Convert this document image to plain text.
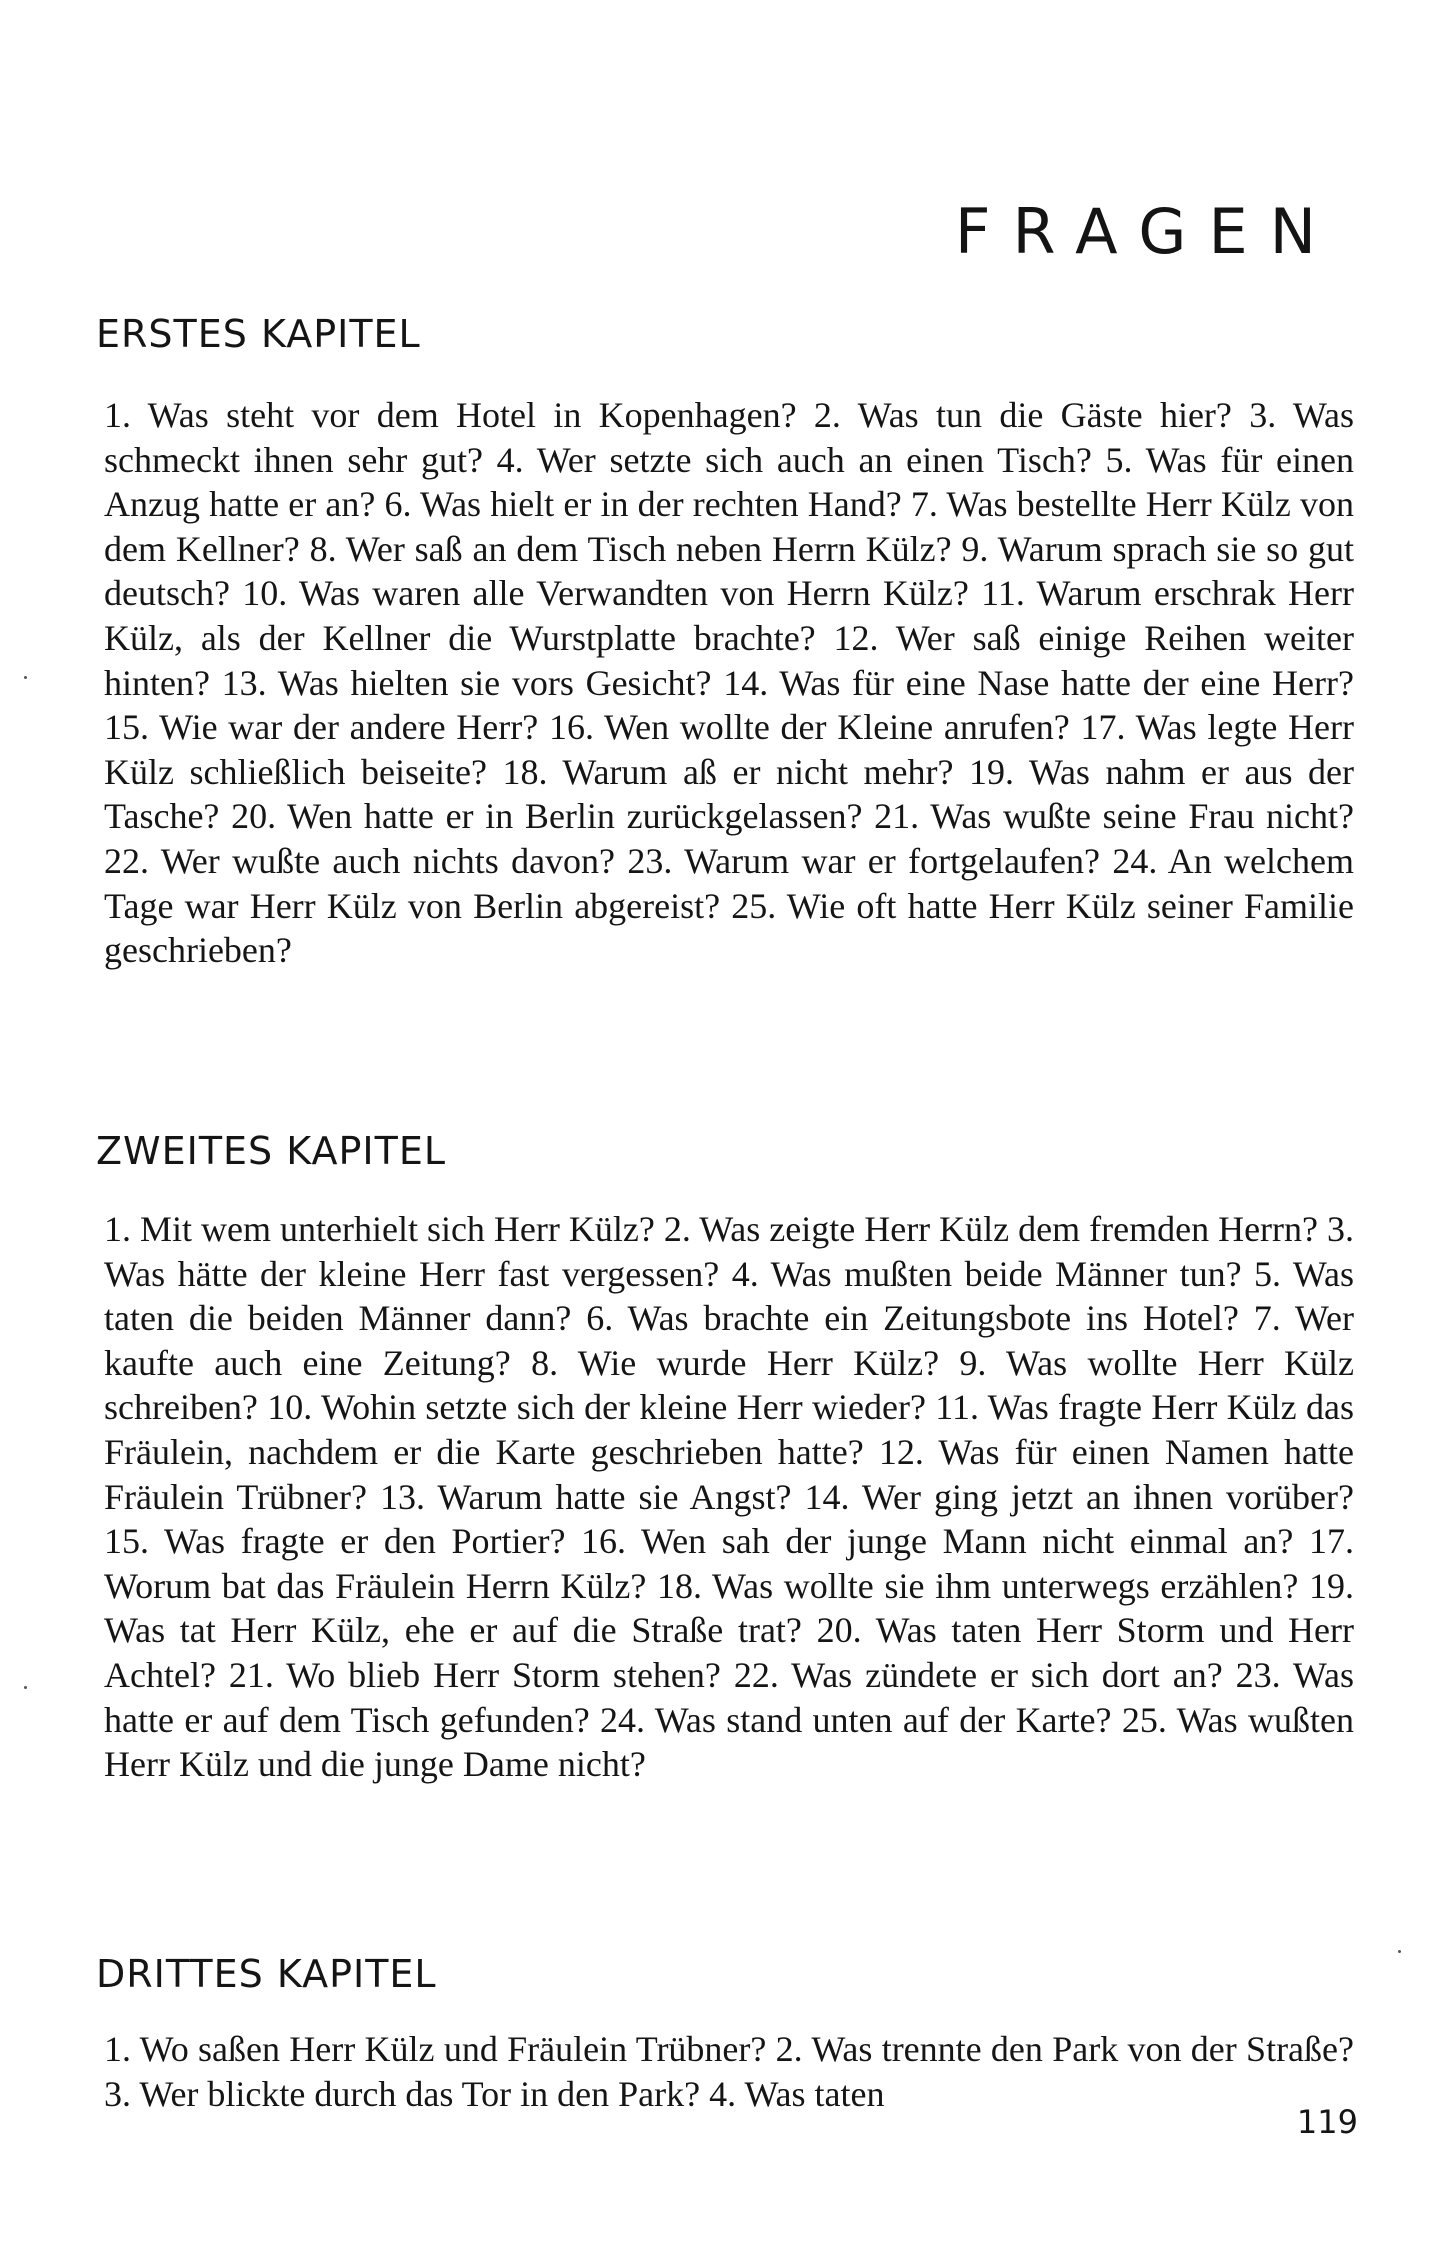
FRAGEN
ERSTES KAPITEL

1. Was steht vor dem Hotel in Kopenhagen? 2. Was tun die Gäste hier? 3. Was schmeckt ihnen sehr gut? 4. Wer setzte sich auch an einen Tisch? 5. Was für einen Anzug hatte er an? 6. Was hielt er in der rechten Hand? 7. Was bestellte Herr Külz von dem Kellner? 8. Wer saß an dem Tisch neben Herrn Külz? 9. Warum sprach sie so gut deutsch? 10. Was waren alle Verwandten von Herrn Külz? 11. Warum erschrak Herr Külz, als der Kellner die Wurstplatte brachte? 12. Wer saß einige Reihen weiter hinten? 13. Was hielten sie vors Gesicht? 14. Was für eine Nase hatte der eine Herr? 15. Wie war der andere Herr? 16. Wen wollte der Kleine anrufen? 17. Was legte Herr Külz schließlich beiseite? 18. Warum aß er nicht mehr? 19. Was nahm er aus der Tasche? 20. Wen hatte er in Berlin zurückgelassen? 21. Was wußte seine Frau nicht? 22. Wer wußte auch nichts davon? 23. Warum war er fortgelaufen? 24. An welchem Tage war Herr Külz von Berlin abgereist? 25. Wie oft hatte Herr Külz seiner Familie geschrieben?

ZWEITES KAPITEL

1. Mit wem unterhielt sich Herr Külz? 2. Was zeigte Herr Külz dem fremden Herrn? 3. Was hätte der kleine Herr fast vergessen? 4. Was mußten beide Männer tun? 5. Was taten die beiden Männer dann? 6. Was brachte ein Zeitungsbote ins Hotel? 7. Wer kaufte auch eine Zeitung? 8. Wie wurde Herr Külz? 9. Was wollte Herr Külz schreiben? 10. Wohin setzte sich der kleine Herr wieder? 11. Was fragte Herr Külz das Fräulein, nachdem er die Karte geschrieben hatte? 12. Was für einen Namen hatte Fräulein Trübner? 13. Warum hatte sie Angst? 14. Wer ging jetzt an ihnen vorüber? 15. Was fragte er den Portier? 16. Wen sah der junge Mann nicht einmal an? 17. Worum bat das Fräulein Herrn Külz? 18. Was wollte sie ihm unterwegs erzählen? 19. Was tat Herr Külz, ehe er auf die Straße trat? 20. Was taten Herr Storm und Herr Achtel? 21. Wo blieb Herr Storm stehen? 22. Was zündete er sich dort an? 23. Was hatte er auf dem Tisch gefunden? 24. Was stand unten auf der Karte? 25. Was wußten Herr Külz und die junge Dame nicht?

DRITTES KAPITEL

1. Wo saßen Herr Külz und Fräulein Trübner? 2. Was trennte den Park von der Straße? 3. Wer blickte durch das Tor in den Park? 4. Was taten

119
